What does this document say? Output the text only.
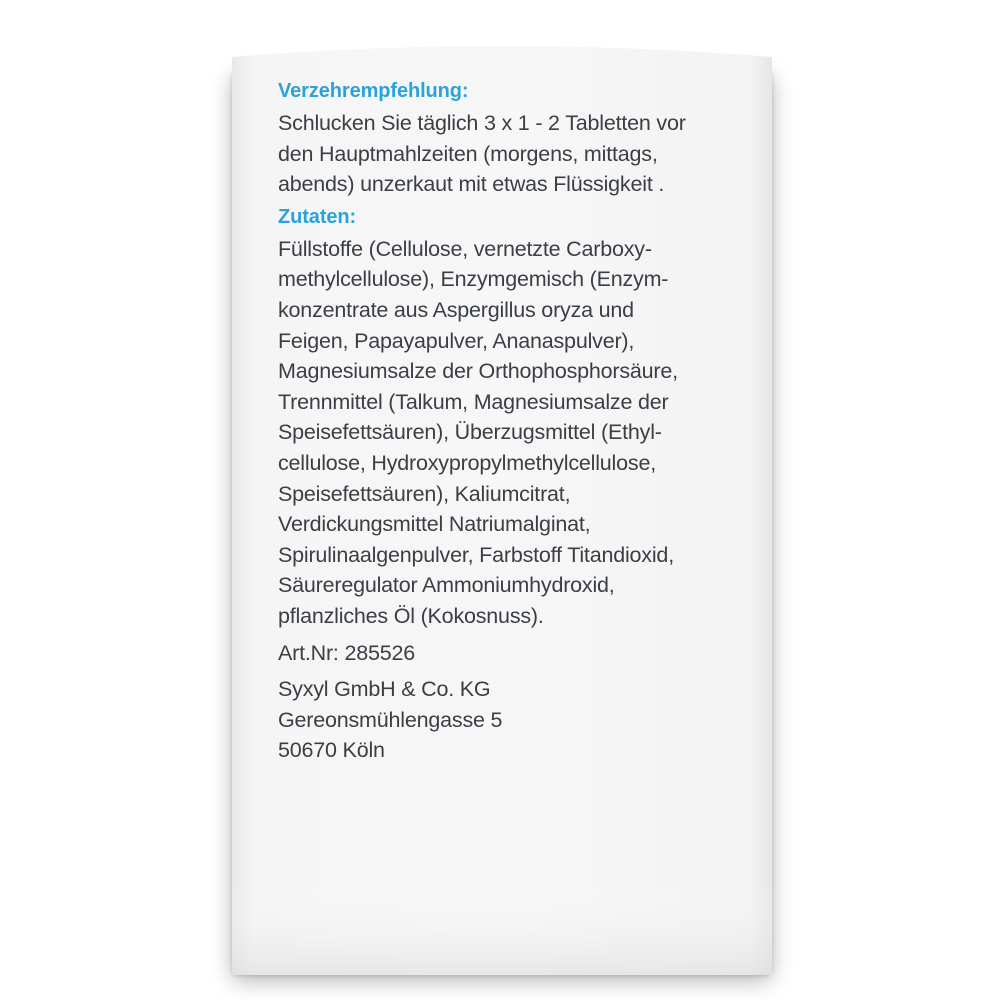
Verzehrempfehlung:
Schlucken Sie täglich 3 x 1 - 2 Tabletten vor
den Hauptmahlzeiten (morgens, mittags,
abends) unzerkaut mit etwas Flüssigkeit .
Zutaten:
Füllstoffe (Cellulose, vernetzte Carboxy-
methylcellulose), Enzymgemisch (Enzym-
konzentrate aus Aspergillus oryza und
Feigen, Papayapulver, Ananaspulver),
Magnesiumsalze der Orthophosphorsäure,
Trennmittel (Talkum, Magnesiumsalze der
Speisefettsäuren), Überzugsmittel (Ethyl-
cellulose, Hydroxypropylmethylcellulose,
Speisefettsäuren), Kaliumcitrat,
Verdickungsmittel Natriumalginat,
Spirulinaalgenpulver, Farbstoff Titandioxid,
Säureregulator Ammoniumhydroxid,
pflanzliches Öl (Kokosnuss).
Art.Nr: 285526
Syxyl GmbH & Co. KG
Gereonsmühlengasse 5
50670 Köln
